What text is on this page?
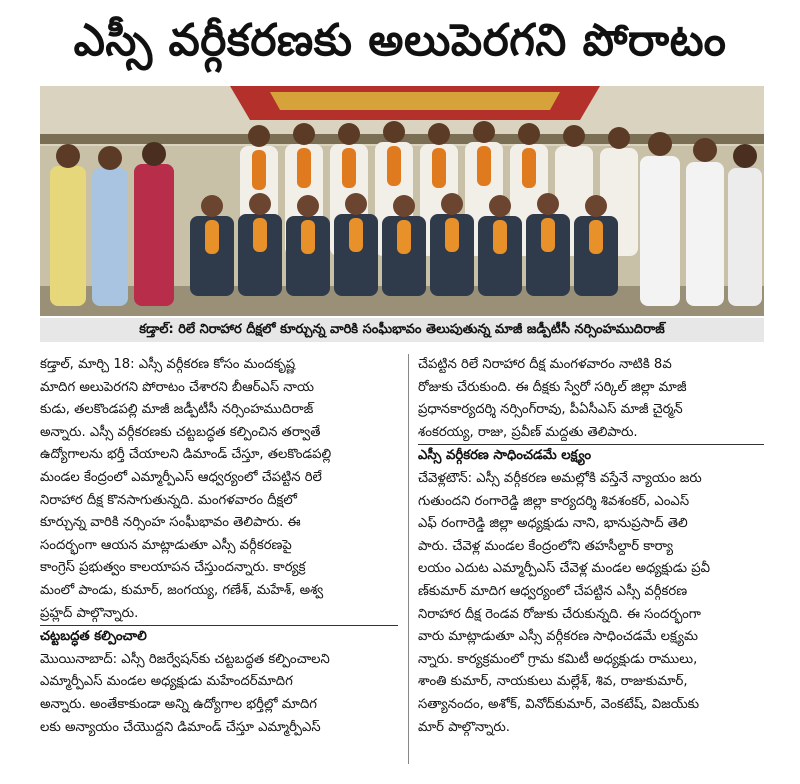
ఎస్సీ వర్గీకరణకు అలుపెరగని పోరాటం
కడ్తాల్: రిలే నిరాహార దీక్షలో కూర్చున్న వారికి సంఘీభావం తెలుపుతున్న మాజీ జడ్పీటీసీ నర్సింహముదిరాజ్
కడ్తాల్, మార్చి 18: ఎస్సీ వర్గీకరణ కోసం మందకృష్ణ
మాదిగ అలుపెరగని పోరాటం చేశారని బీఆర్ఎస్ నాయ
కుడు, తలకొండపల్లి మాజీ జడ్పీటీసీ నర్సింహముదిరాజ్
అన్నారు. ఎస్సీ వర్గీకరణకు చట్టబద్ధత కల్పించిన తర్వాతే
ఉద్యోగాలను భర్తీ చేయాలని డిమాండ్ చేస్తూ, తలకొండపల్లి
మండల కేంద్రంలో ఎమ్మార్పీఎస్ ఆధ్వర్యంలో చేపట్టిన రిలే
నిరాహార దీక్ష కొనసాగుతున్నది. మంగళవారం దీక్షలో
కూర్చున్న వారికి నర్సింహ సంఘీభావం తెలిపారు. ఈ
సందర్భంగా ఆయన మాట్లాడుతూ ఎస్సీ వర్గీకరణపై
కాంగ్రెస్ ప్రభుత్వం కాలయాపన చేస్తుందన్నారు. కార్యక్ర
మంలో పాండు, కుమార్, జంగయ్య, గణేశ్, మహేశ్, అశ్వ
ప్రహ్లద్ పాల్గొన్నారు.
చట్టబద్ధత కల్పించాలి
మొయినాబాద్: ఎస్సీ రిజర్వేషన్‌కు చట్టబద్ధత కల్పించాలని
ఎమ్మార్పీఎస్ మండల అధ్యక్షుడు మహేందర్‌మాదిగ
అన్నారు. అంతేకాకుండా అన్ని ఉద్యోగాల భర్తీల్లో మాదిగ
లకు అన్యాయం చేయొద్దని డిమాండ్ చేస్తూ ఎమ్మార్పీఎస్
చేపట్టిన రిలే నిరాహార దీక్ష మంగళవారం నాటికి 8వ
రోజుకు చేరుకుంది. ఈ దీక్షకు స్వేరో సర్కిల్ జిల్లా మాజీ
ప్రధానకార్యదర్శి నర్సింగ్‌రావు, పీఏసీఎస్ మాజీ చైర్మన్
శంకరయ్య, రాజు, ప్రవీణ్ మద్దతు తెలిపారు.
ఎస్సీ వర్గీకరణ సాధించడమే లక్ష్యం
చేవెళ్లటౌన్: ఎస్సీ వర్గీకరణ అమల్లోకి వస్తేనే న్యాయం జరు
గుతుందని రంగారెడ్డి జిల్లా కార్యదర్శి శివశంకర్, ఎంఎస్
ఎఫ్ రంగారెడ్డి జిల్లా అధ్యక్షుడు నాని, భానుప్రసాద్ తెలి
పారు. చేవెళ్ల మండల కేంద్రంలోని తహసీల్దార్ కార్యా
లయం ఎదుట ఎమ్మార్పీఎస్ చేవెళ్ల మండల అధ్యక్షుడు ప్రవీ
ణ్‌కుమార్ మాదిగ ఆధ్వర్యంలో చేపట్టిన ఎస్సీ వర్గీకరణ
నిరాహార దీక్ష రెండవ రోజుకు చేరుకున్నది. ఈ సందర్భంగా
వారు మాట్లాడుతూ ఎస్సీ వర్గీకరణ సాధించడమే లక్ష్యమ
న్నారు. కార్యక్రమంలో గ్రామ కమిటీ అధ్యక్షుడు రాములు,
శాంతి కుమార్, నాయకులు మల్లేశ్, శివ, రాజుకుమార్,
సత్యానందం, అశోక్, వినోద్‌కుమార్, వెంకటేష్, విజయ్‌కు
మార్ పాల్గొన్నారు.
